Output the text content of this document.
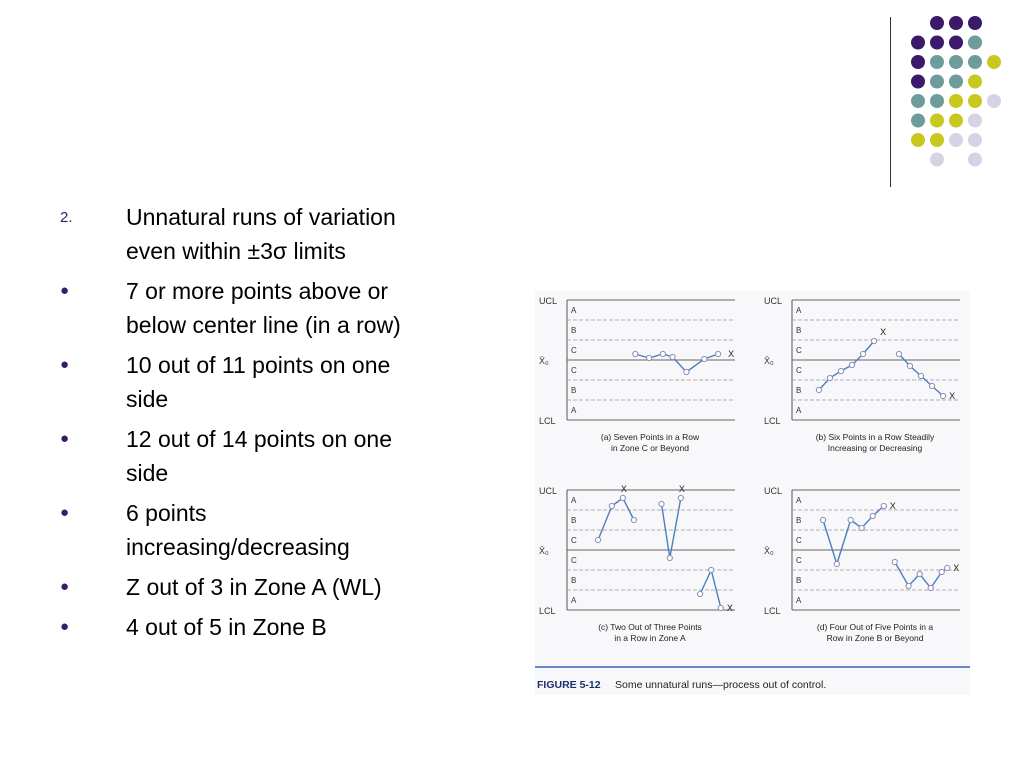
2. Unnatural runs of variation
even within ±3σ limits
● 7 or more points above or
below center line (in a row)
● 10 out of 11 points on one
side
● 12 out of 14 points on one
side
● 6 points
increasing/decreasing
● Z out of 3 in Zone A (WL)
● 4 out of 5 in Zone B
UCL
LCL
X̄₀
A
B
C
C
B
A
X
(a) Seven Points in a Row
in Zone C or Beyond
UCL
LCL
X̄₀
A
B
C
C
B
A
X
X
(b) Six Points in a Row Steadily
Increasing or Decreasing
UCL
LCL
X̄₀
A
B
C
C
B
A
X	X
X
(c) Two Out of Three Points
in a Row in Zone A
UCL
LCL
X̄₀
A
B
C
C
B
A
X
X
(d) Four Out of Five Points in a
Row in Zone B or Beyond
FIGURE 5-12 Some unnatural runs—process out of control.
